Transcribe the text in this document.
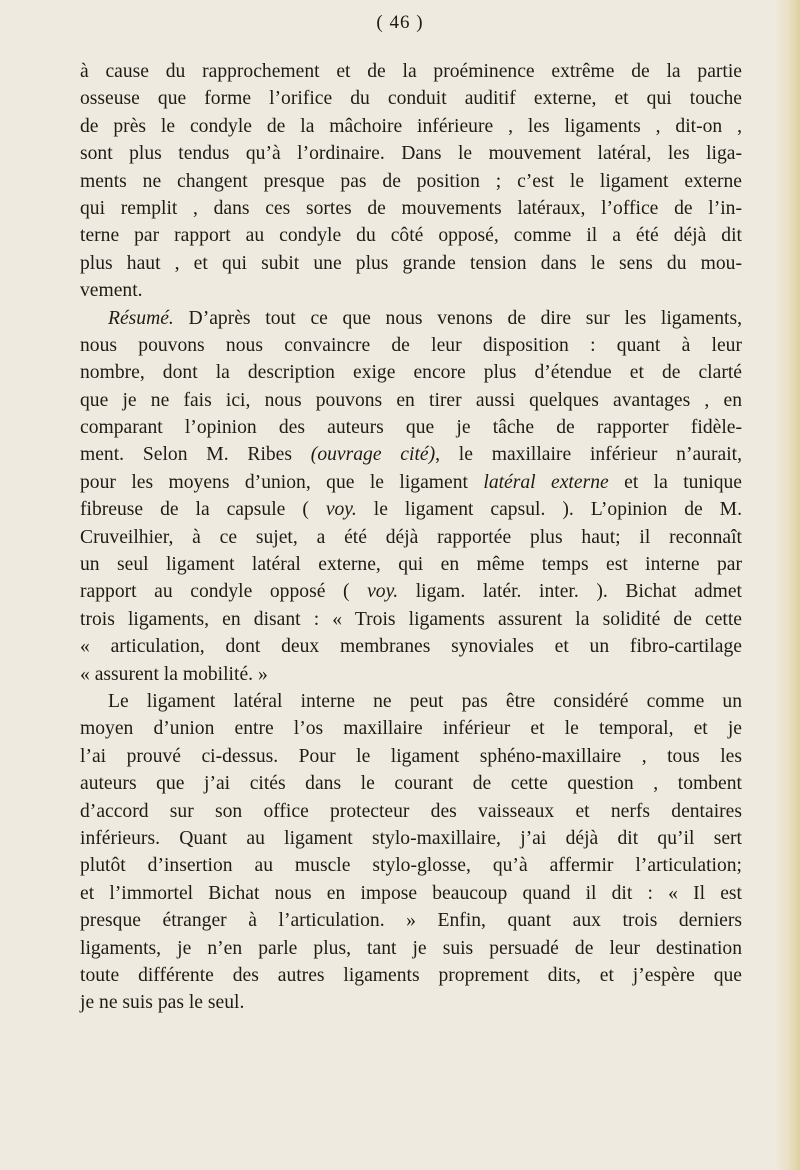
( 46 )
à cause du rapprochement et de la proéminence extrême de la partie
osseuse que forme l’orifice du conduit auditif externe, et qui touche
de près le condyle de la mâchoire inférieure , les ligaments , dit-on ,
sont plus tendus qu’à l’ordinaire. Dans le mouvement latéral, les liga-
ments ne changent presque pas de position ; c’est le ligament externe
qui remplit , dans ces sortes de mouvements latéraux, l’office de l’in-
terne par rapport au condyle du côté opposé, comme il a été déjà dit
plus haut , et qui subit une plus grande tension dans le sens du mou-
vement.
Résumé. D’après tout ce que nous venons de dire sur les ligaments,
nous pouvons nous convaincre de leur disposition : quant à leur
nombre, dont la description exige encore plus d’étendue et de clarté
que je ne fais ici, nous pouvons en tirer aussi quelques avantages , en
comparant l’opinion des auteurs que je tâche de rapporter fidèle-
ment. Selon M. Ribes (ouvrage cité), le maxillaire inférieur n’aurait,
pour les moyens d’union, que le ligament latéral externe et la tunique
fibreuse de la capsule ( voy. le ligament capsul. ). L’opinion de M.
Cruveilhier, à ce sujet, a été déjà rapportée plus haut; il reconnaît
un seul ligament latéral externe, qui en même temps est interne par
rapport au condyle opposé ( voy. ligam. latér. inter. ). Bichat admet
trois ligaments, en disant : « Trois ligaments assurent la solidité de cette
« articulation, dont deux membranes synoviales et un fibro-cartilage
« assurent la mobilité. »
Le ligament latéral interne ne peut pas être considéré comme un
moyen d’union entre l’os maxillaire inférieur et le temporal, et je
l’ai prouvé ci-dessus. Pour le ligament sphéno-maxillaire , tous les
auteurs que j’ai cités dans le courant de cette question , tombent
d’accord sur son office protecteur des vaisseaux et nerfs dentaires
inférieurs. Quant au ligament stylo-maxillaire, j’ai déjà dit qu’il sert
plutôt d’insertion au muscle stylo-glosse, qu’à affermir l’articulation;
et l’immortel Bichat nous en impose beaucoup quand il dit : « Il est
presque étranger à l’articulation. » Enfin, quant aux trois derniers
ligaments, je n’en parle plus, tant je suis persuadé de leur destination
toute différente des autres ligaments proprement dits, et j’espère que
je ne suis pas le seul.
